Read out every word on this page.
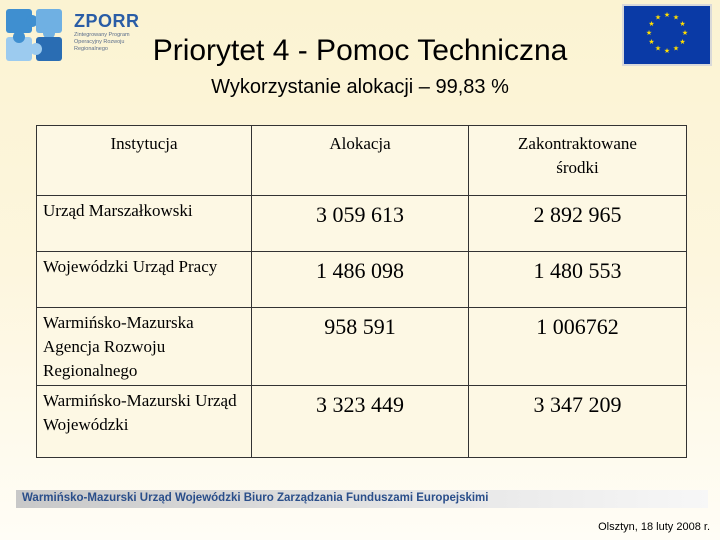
ZPORR
Zintegrowany Program Operacyjny Rozwoju Regionalnego
★ ★
★
★
★
★
★
★
★
★
★
★
Priorytet 4 - Pomoc Techniczna
Wykorzystanie alokacji – 99,83 %
Instytucja	Alokacja	Zakontraktowane
środki
Urząd Marszałkowski	3 059 613	2 892 965
Wojewódzki Urząd Pracy	1 486 098	1 480 553
Warmińsko-Mazurska Agencja Rozwoju Regionalnego	958 591	1 006762
Warmińsko-Mazurski Urząd Wojewódzki	3 323 449	3 347 209
Warmińsko-Mazurski Urząd Wojewódzki Biuro Zarządzania Funduszami Europejskimi
Olsztyn, 18 luty 2008 r.
